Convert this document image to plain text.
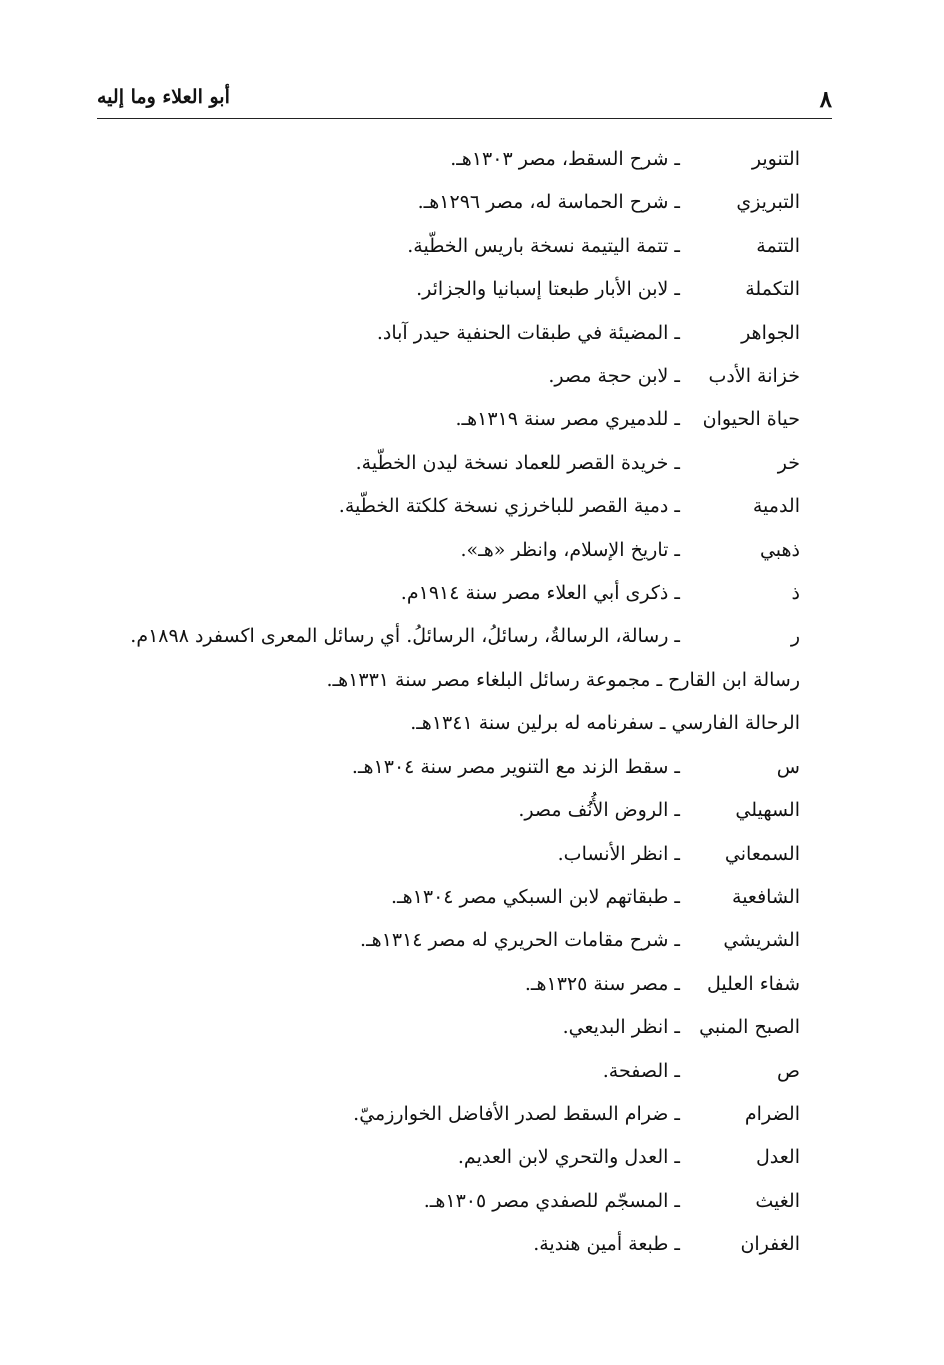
٨
أبو العلاء وما إليه
التنوير
ـ شرح السقط، مصر ١٣٠٣هـ.
التبريزي
ـ شرح الحماسة له، مصر ١٢٩٦هـ.
التتمة
ـ تتمة اليتيمة نسخة باريس الخطّية.
التكملة
ـ لابن الأبار طبعتا إسبانيا والجزائر.
الجواهر
ـ المضيئة في طبقات الحنفية حيدر آباد.
خزانة الأدب
ـ لابن حجة مصر.
حياة الحيوان
ـ للدميري مصر سنة ١٣١٩هـ.
خر
ـ خريدة القصر للعماد نسخة ليدن الخطّية.
الدمية
ـ دمية القصر للباخرزي نسخة كلكتة الخطّية.
ذهبي
ـ تاريخ الإسلام، وانظر «هـ».
ذ
ـ ذكرى أبي العلاء مصر سنة ١٩١٤م.
ر
ـ رسالة، الرسالةُ، رسائلُ، الرسائلُ. أي رسائل المعرى اكسفرد ١٨٩٨م.
رسالة ابن القارح ـ مجموعة رسائل البلغاء مصر سنة ١٣٣١هـ.
الرحالة الفارسي ـ سفرنامه له برلين سنة ١٣٤١هـ.
س
ـ سقط الزند مع التنوير مصر سنة ١٣٠٤هـ.
السهيلي
ـ الروض الأُنُف مصر.
السمعاني
ـ انظر الأنساب.
الشافعية
ـ طبقاتهم لابن السبكي مصر ١٣٠٤هـ.
الشريشي
ـ شرح مقامات الحريري له مصر ١٣١٤هـ.
شفاء العليل
ـ مصر سنة ١٣٢٥هـ.
الصبح المنبي
ـ انظر البديعي.
ص
ـ الصفحة.
الضرام
ـ ضرام السقط لصدر الأفاضل الخوارزميّ.
العدل
ـ العدل والتحري لابن العديم.
الغيث
ـ المسجّم للصفدي مصر ١٣٠٥هـ.
الغفران
ـ طبعة أمين هندية.
